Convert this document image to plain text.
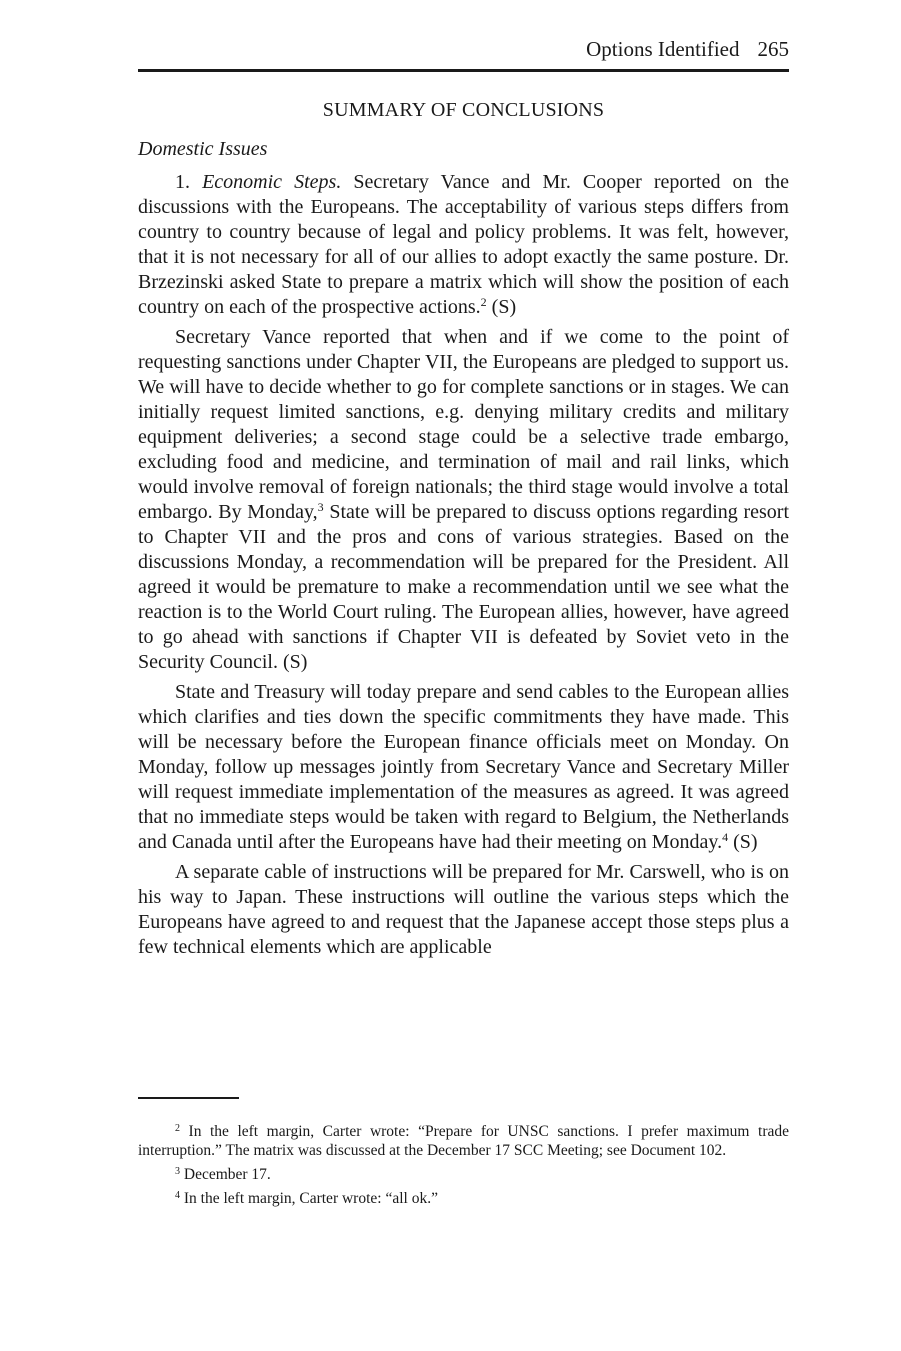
Options Identified 265
SUMMARY OF CONCLUSIONS
Domestic Issues

1. Economic Steps. Secretary Vance and Mr. Cooper reported on the discussions with the Europeans. The acceptability of various steps differs from country to country because of legal and policy problems. It was felt, however, that it is not necessary for all of our allies to adopt exactly the same posture. Dr. Brzezinski asked State to prepare a matrix which will show the position of each country on each of the prospective actions.$^2$ (S)

Secretary Vance reported that when and if we come to the point of requesting sanctions under Chapter VII, the Europeans are pledged to support us. We will have to decide whether to go for complete sanctions or in stages. We can initially request limited sanctions, e.g. denying military credits and military equipment deliveries; a second stage could be a selective trade embargo, excluding food and medicine, and termination of mail and rail links, which would involve removal of foreign nationals; the third stage would involve a total embargo. By Monday,$^3$ State will be prepared to discuss options regarding resort to Chapter VII and the pros and cons of various strategies. Based on the discussions Monday, a recommendation will be prepared for the President. All agreed it would be premature to make a recommendation until we see what the reaction is to the World Court ruling. The European allies, however, have agreed to go ahead with sanctions if Chapter VII is defeated by Soviet veto in the Security Council. (S)

State and Treasury will today prepare and send cables to the European allies which clarifies and ties down the specific commitments they have made. This will be necessary before the European finance officials meet on Monday. On Monday, follow up messages jointly from Secretary Vance and Secretary Miller will request immediate implementation of the measures as agreed. It was agreed that no immediate steps would be taken with regard to Belgium, the Netherlands and Canada until after the Europeans have had their meeting on Monday.$^4$ (S)

A separate cable of instructions will be prepared for Mr. Carswell, who is on his way to Japan. These instructions will outline the various steps which the Europeans have agreed to and request that the Japanese accept those steps plus a few technical elements which are applicable

$^2$ In the left margin, Carter wrote: “Prepare for UNSC sanctions. I prefer maximum trade interruption.” The matrix was discussed at the December 17 SCC Meeting; see Document 102.

$^3$ December 17.

$^4$ In the left margin, Carter wrote: “all ok.”
